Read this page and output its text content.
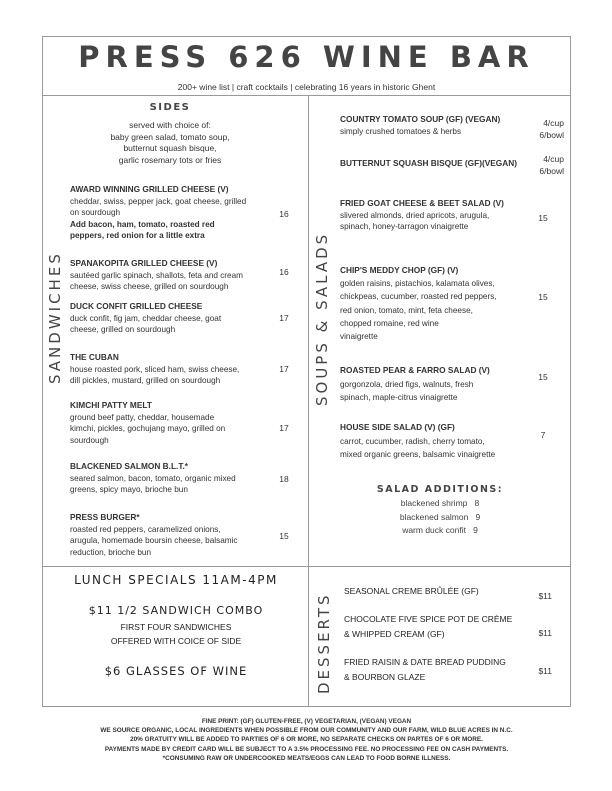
PRESS 626 WINE BAR
200+ wine list | craft cocktails | celebrating 16 years in historic Ghent
SIDES
served with choice of:
baby green salad, tomato soup,
butternut squash bisque,
garlic rosemary tots or fries
SANDWICHES	SOUPS & SALADS
DESSERTS
AWARD WINNING GRILLED CHEESE (V)
cheddar, swiss, pepper jack, goat cheese, grilled
on sourdough
Add bacon, ham, tomato, roasted red
peppers, red onion for a little extra
16
SPANAKOPITA GRILLED CHEESE (V)
sautéed garlic spinach, shallots, feta and cream
cheese, swiss cheese, grilled on sourdough
16
DUCK CONFIT GRILLED CHEESE
duck confit, fig jam, cheddar cheese, goat
cheese, grilled on sourdough
17
THE CUBAN
house roasted pork, sliced ham, swiss cheese,
dill pickles, mustard, grilled on sourdough
17
KIMCHI PATTY MELT
ground beef patty, cheddar, housemade
kimchi, pickles, gochujang mayo, grilled on
sourdough
17
BLACKENED SALMON B.L.T.*
seared salmon, bacon, tomato, organic mixed
greens, spicy mayo, brioche bun
18
PRESS BURGER*
roasted red peppers, caramelized onions,
arugula, homemade boursin cheese, balsamic
reduction, brioche bun
15
COUNTRY TOMATO SOUP (GF) (VEGAN)
simply crushed tomatoes & herbs
4/cup
6/bowl
BUTTERNUT SQUASH BISQUE (GF)(VEGAN)	4/cup
6/bowl
FRIED GOAT CHEESE & BEET SALAD (V)
slivered almonds, dried apricots, arugula,
spinach, honey-tarragon vinaigrette
15
CHIP'S MEDDY CHOP (GF) (V)
golden raisins, pistachios, kalamata olives,
chickpeas, cucumber, roasted red peppers,
red onion, tomato, mint, feta cheese,
chopped romaine, red wine
vinaigrette
15
ROASTED PEAR & FARRO SALAD (V)
gorgonzola, dried figs, walnuts, fresh
spinach, maple-citrus vinaigrette
15
HOUSE SIDE SALAD (V) (GF)
carrot, cucumber, radish, cherry tomato,
mixed organic greens, balsamic vinaigrette
7
SALAD ADDITIONS:
blackened shrimp 8
blackened salmon 9
warm duck confit 9
LUNCH SPECIALS 11AM-4PM
$11 1/2 SANDWICH COMBO
FIRST FOUR SANDWICHES
OFFERED WITH COICE OF SIDE
$6 GLASSES OF WINE
SEASONAL CREME BRÛLÉE (GF)	$11
CHOCOLATE FIVE SPICE POT DE CRÈME
& WHIPPED CREAM (GF)	$11
FRIED RAISIN & DATE BREAD PUDDING
& BOURBON GLAZE
$11
FINE PRINT: (GF) GLUTEN-FREE, (V) VEGETARIAN, (VEGAN) VEGAN
WE SOURCE ORGANIC, LOCAL INGREDIENTS WHEN POSSIBLE FROM OUR COMMUNITY AND OUR FARM, WILD BLUE ACRES IN N.C.
20% GRATUITY WILL BE ADDED TO PARTIES OF 6 OR MORE, NO SEPARATE CHECKS ON PARTES OF 6 OR MORE.
PAYMENTS MADE BY CREDIT CARD WILL BE SUBJECT TO A 3.5% PROCESSING FEE. NO PROCESSING FEE ON CASH PAYMENTS.
*CONSUMING RAW OR UNDERCOOKED MEATS/EGGS CAN LEAD TO FOOD BORNE ILLNESS.
